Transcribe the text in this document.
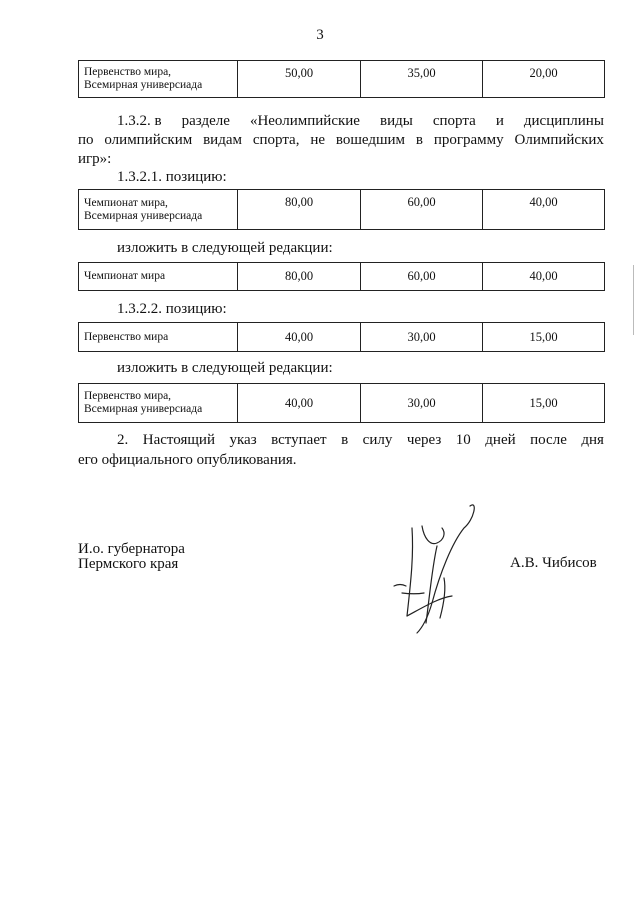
3
Первенство мира,
Всемирная универсиада
	50,00	35,00	20,00
1.3.2. в разделе «Неолимпийские виды спорта и дисциплины
по олимпийским видам спорта, не вошедшим в программу Олимпийских
игр»:
1.3.2.1. позицию:
Чемпионат мира,
Всемирная универсиада
	80,00	60,00	40,00
изложить в следующей редакции:
Чемпионат мира	80,00	60,00	40,00
1.3.2.2. позицию:
Первенство мира	40,00	30,00	15,00
изложить в следующей редакции:
Первенство мира,
Всемирная универсиада	40,00	30,00	15,00
2. Настоящий указ вступает в силу через 10 дней после дня
его официального опубликования.
И.о. губернатора
Пермского края	А.В. Чибисов
